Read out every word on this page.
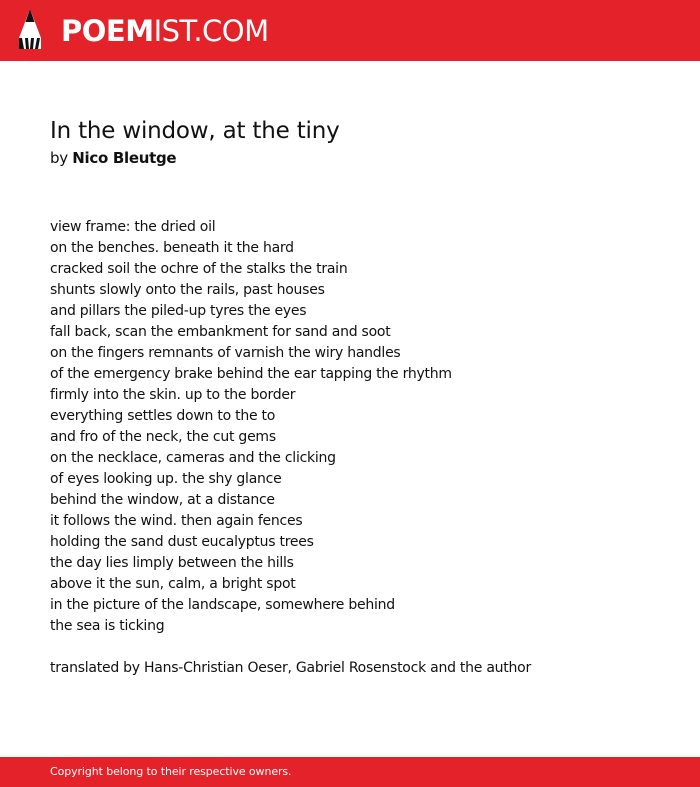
POEMIST.COM
In the window, at the tiny
by Nico Bleutge
view frame: the dried oil
on the benches. beneath it the hard
cracked soil the ochre of the stalks the train
shunts slowly onto the rails, past houses
and pillars the piled-up tyres the eyes
fall back, scan the embankment for sand and soot
on the fingers remnants of varnish the wiry handles
of the emergency brake behind the ear tapping the rhythm
firmly into the skin. up to the border
everything settles down to the to
and fro of the neck, the cut gems
on the necklace, cameras and the clicking
of eyes looking up. the shy glance
behind the window, at a distance
it follows the wind. then again fences
holding the sand dust eucalyptus trees
the day lies limply between the hills
above it the sun, calm, a bright spot
in the picture of the landscape, somewhere behind
the sea is ticking
translated by Hans-Christian Oeser, Gabriel Rosenstock and the author
Copyright belong to their respective owners.
